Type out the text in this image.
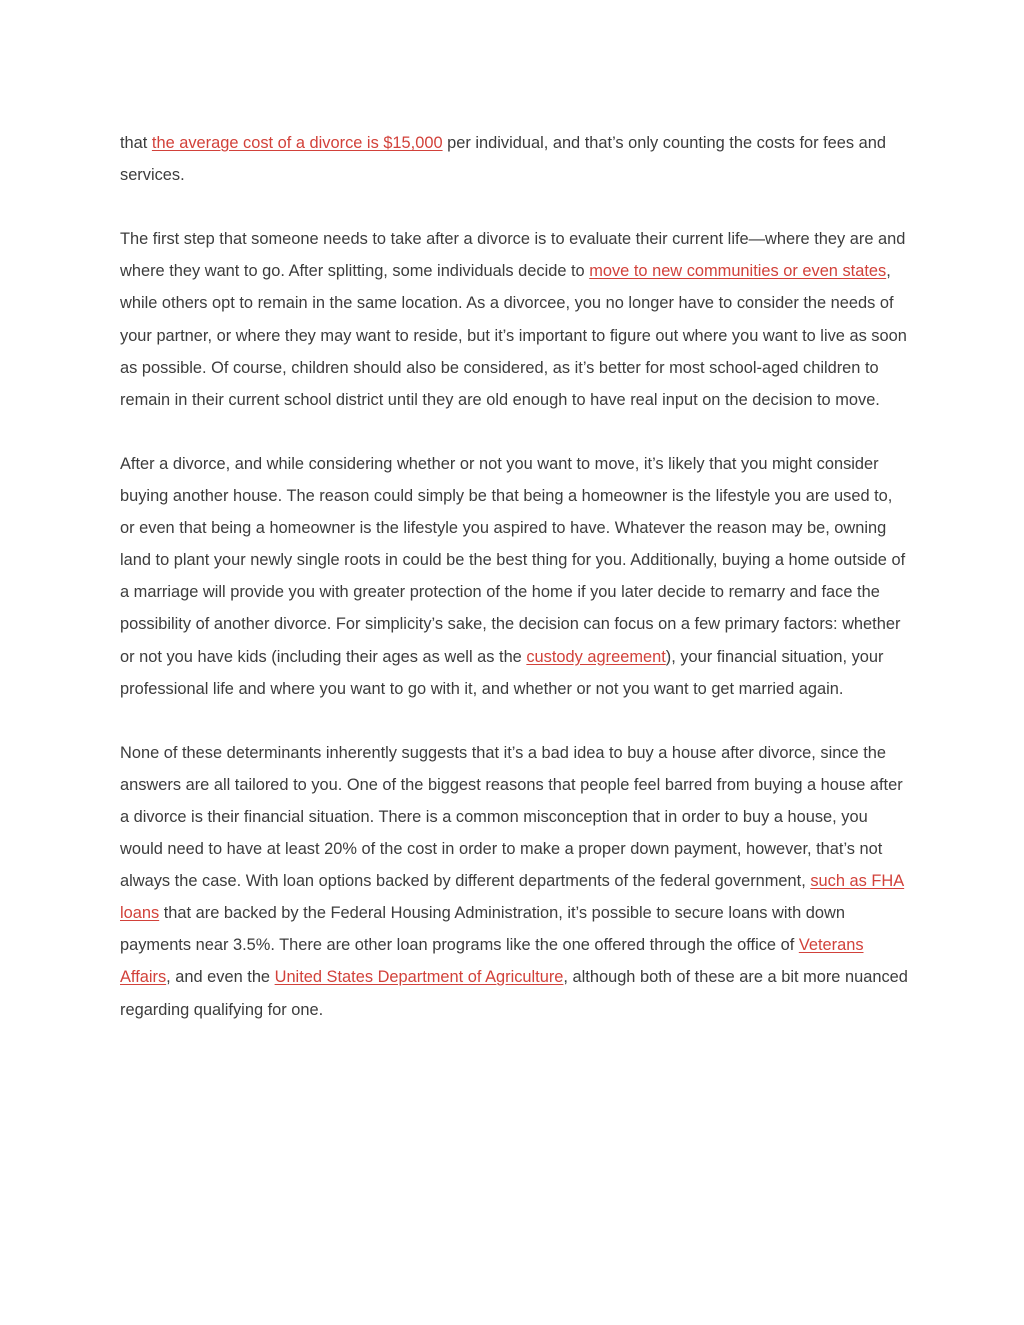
that the average cost of a divorce is $15,000 per individual, and that’s only counting the costs for fees and services.

The first step that someone needs to take after a divorce is to evaluate their current life—where they are and where they want to go. After splitting, some individuals decide to move to new communities or even states, while others opt to remain in the same location. As a divorcee, you no longer have to consider the needs of your partner, or where they may want to reside, but it’s important to figure out where you want to live as soon as possible. Of course, children should also be considered, as it’s better for most school-aged children to remain in their current school district until they are old enough to have real input on the decision to move.

After a divorce, and while considering whether or not you want to move, it’s likely that you might consider buying another house. The reason could simply be that being a homeowner is the lifestyle you are used to, or even that being a homeowner is the lifestyle you aspired to have. Whatever the reason may be, owning land to plant your newly single roots in could be the best thing for you. Additionally, buying a home outside of a marriage will provide you with greater protection of the home if you later decide to remarry and face the possibility of another divorce. For simplicity’s sake, the decision can focus on a few primary factors: whether or not you have kids (including their ages as well as the custody agreement), your financial situation, your professional life and where you want to go with it, and whether or not you want to get married again.

None of these determinants inherently suggests that it’s a bad idea to buy a house after divorce, since the answers are all tailored to you. One of the biggest reasons that people feel barred from buying a house after a divorce is their financial situation. There is a common misconception that in order to buy a house, you would need to have at least 20% of the cost in order to make a proper down payment, however, that’s not always the case. With loan options backed by different departments of the federal government, such as FHA loans that are backed by the Federal Housing Administration, it’s possible to secure loans with down payments near 3.5%. There are other loan programs like the one offered through the office of Veterans Affairs, and even the United States Department of Agriculture, although both of these are a bit more nuanced regarding qualifying for one.
